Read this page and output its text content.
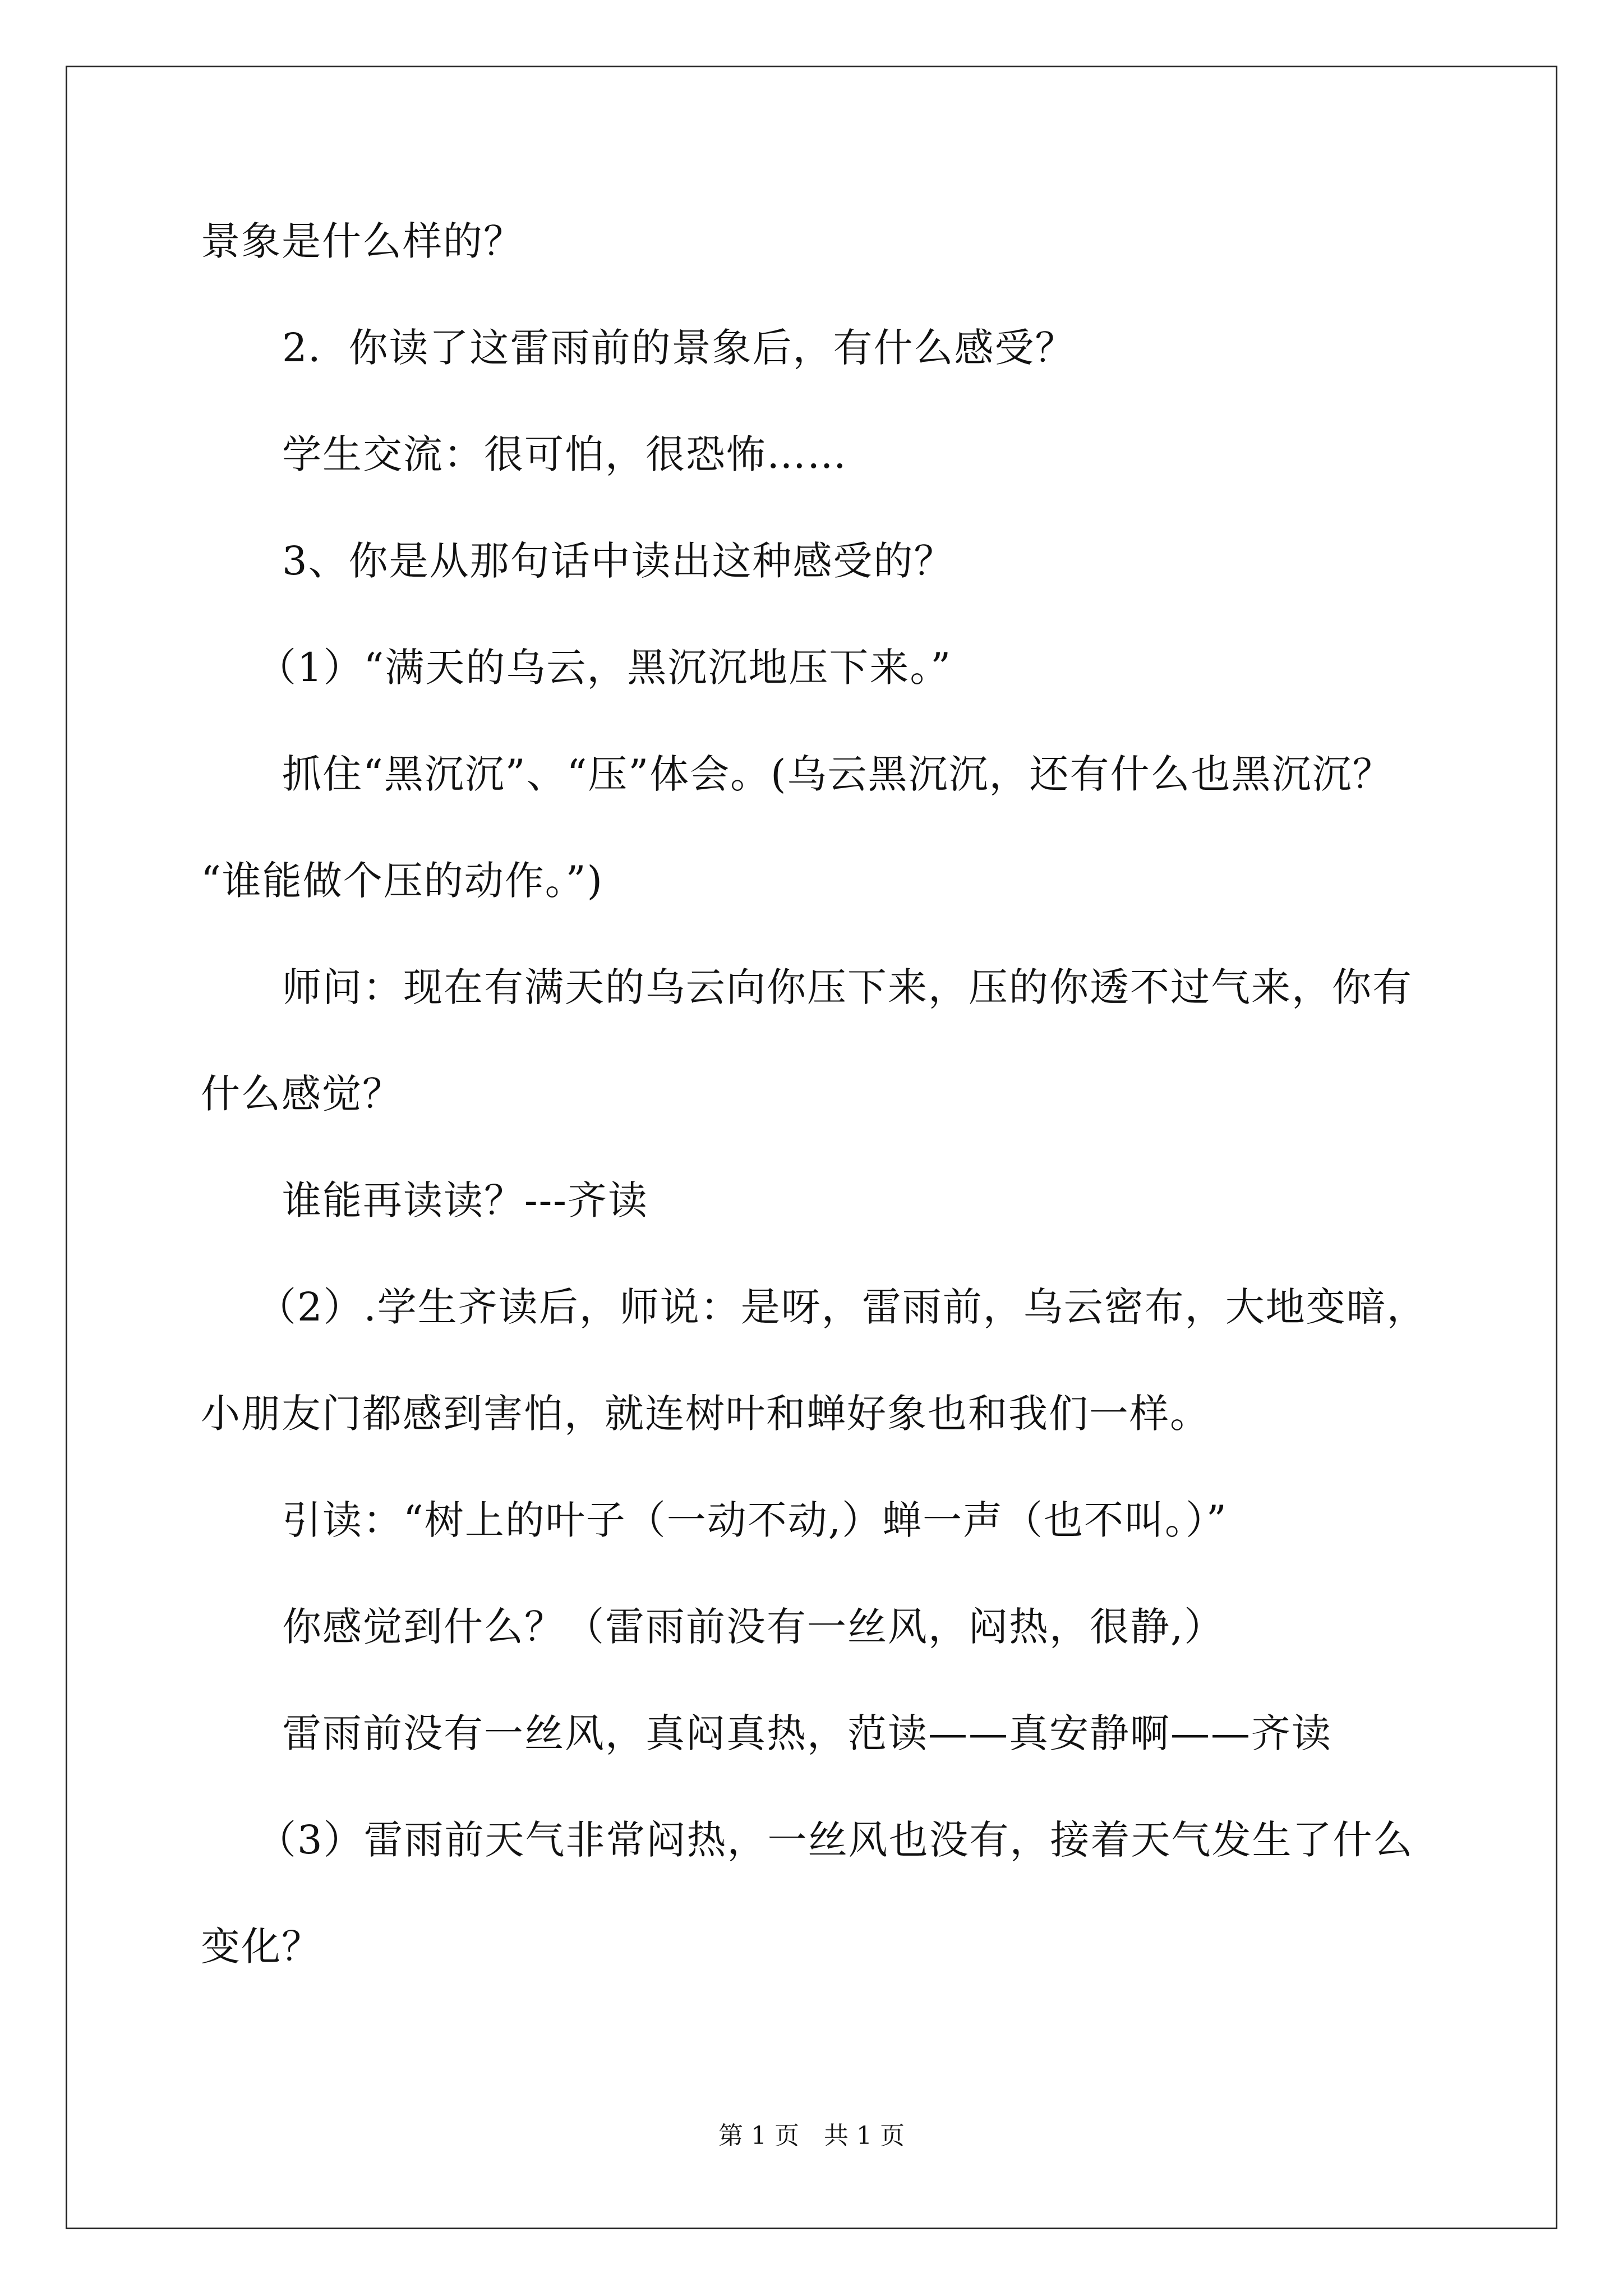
景象是什么样的？
2．你读了这雷雨前的景象后，有什么感受？
学生交流：很可怕，很恐怖……
3、你是从那句话中读出这种感受的？
（1）“满天的乌云，黑沉沉地压下来。”
抓住“黑沉沉”、“压”体会。(乌云黑沉沉，还有什么也黑沉沉？
“谁能做个压的动作。”)
师问：现在有满天的乌云向你压下来，压的你透不过气来，你有
什么感觉？
谁能再读读？---齐读
（2）.学生齐读后，师说：是呀，雷雨前，乌云密布，大地变暗，
小朋友门都感到害怕，就连树叶和蝉好象也和我们一样。
引读：“树上的叶子（一动不动,）蝉一声（也不叫。）”
你感觉到什么？（雷雨前没有一丝风，闷热，很静,）
雷雨前没有一丝风，真闷真热，范读——真安静啊——齐读
（3）雷雨前天气非常闷热，一丝风也没有，接着天气发生了什么
变化？
第 1 页　共 1 页
